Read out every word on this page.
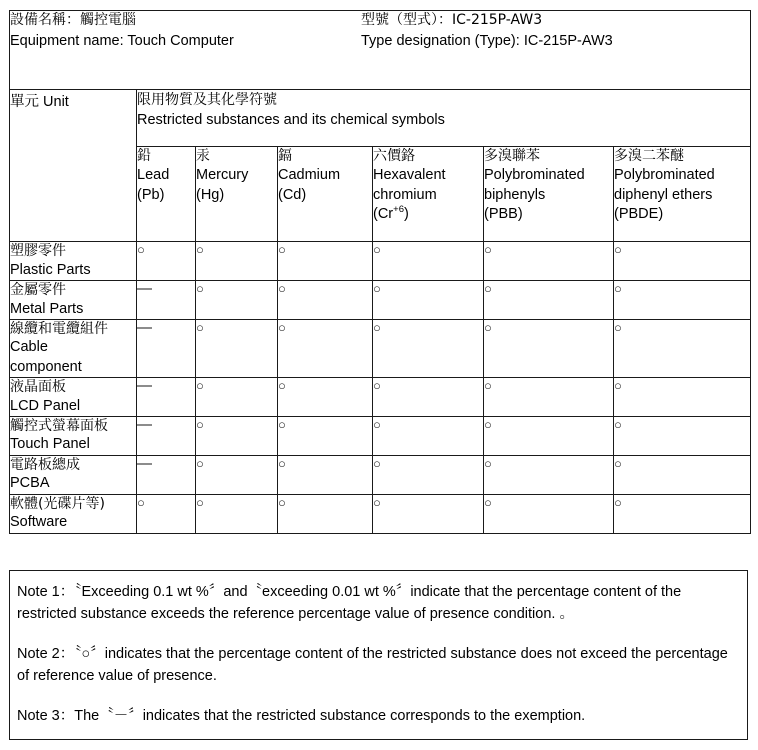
設備名稱：觸控電腦
Equipment name: Touch Computer
型號（型式）：IC-215P-AW3
Type designation (Type): IC-215P-AW3						

單元 Unit	限用物質及其化學符號
Restricted substances and its chemical symbols					

	鉛
Lead
(Pb)	汞
Mercury
(Hg)	鎘
Cadmium
(Cd)	六價鉻
Hexavalent
chromium
$(Cr^{+6})$	多溴聯苯
Polybrominated
biphenyls
(PBB)	多溴二苯醚
Polybrominated
diphenyl ethers
(PBDE)

塑膠零件
Plastic Parts	○	○	○	○	○	○

金屬零件
Metal Parts	—	○	○	○	○	○

線纜和電纜組件
Cable
component	—	○	○	○	○	○

液晶面板
LCD Panel	—	○	○	○	○	○

觸控式螢幕面板
Touch Panel	—	○	○	○	○	○

電路板總成
PCBA	—	○	○	○	○	○

軟體(光碟片等)
Software	○	○	○	○	○	○

Note 1：〝Exceeding 0.1 wt %〞and〝exceeding 0.01 wt %〞indicate that the percentage content of the restricted substance exceeds the reference percentage value of presence condition. 。

Note 2：〝○〞indicates that the percentage content of the restricted substance does not exceed the percentage of reference value of presence.

Note 3：The〝－〞indicates that the restricted substance corresponds to the exemption.
